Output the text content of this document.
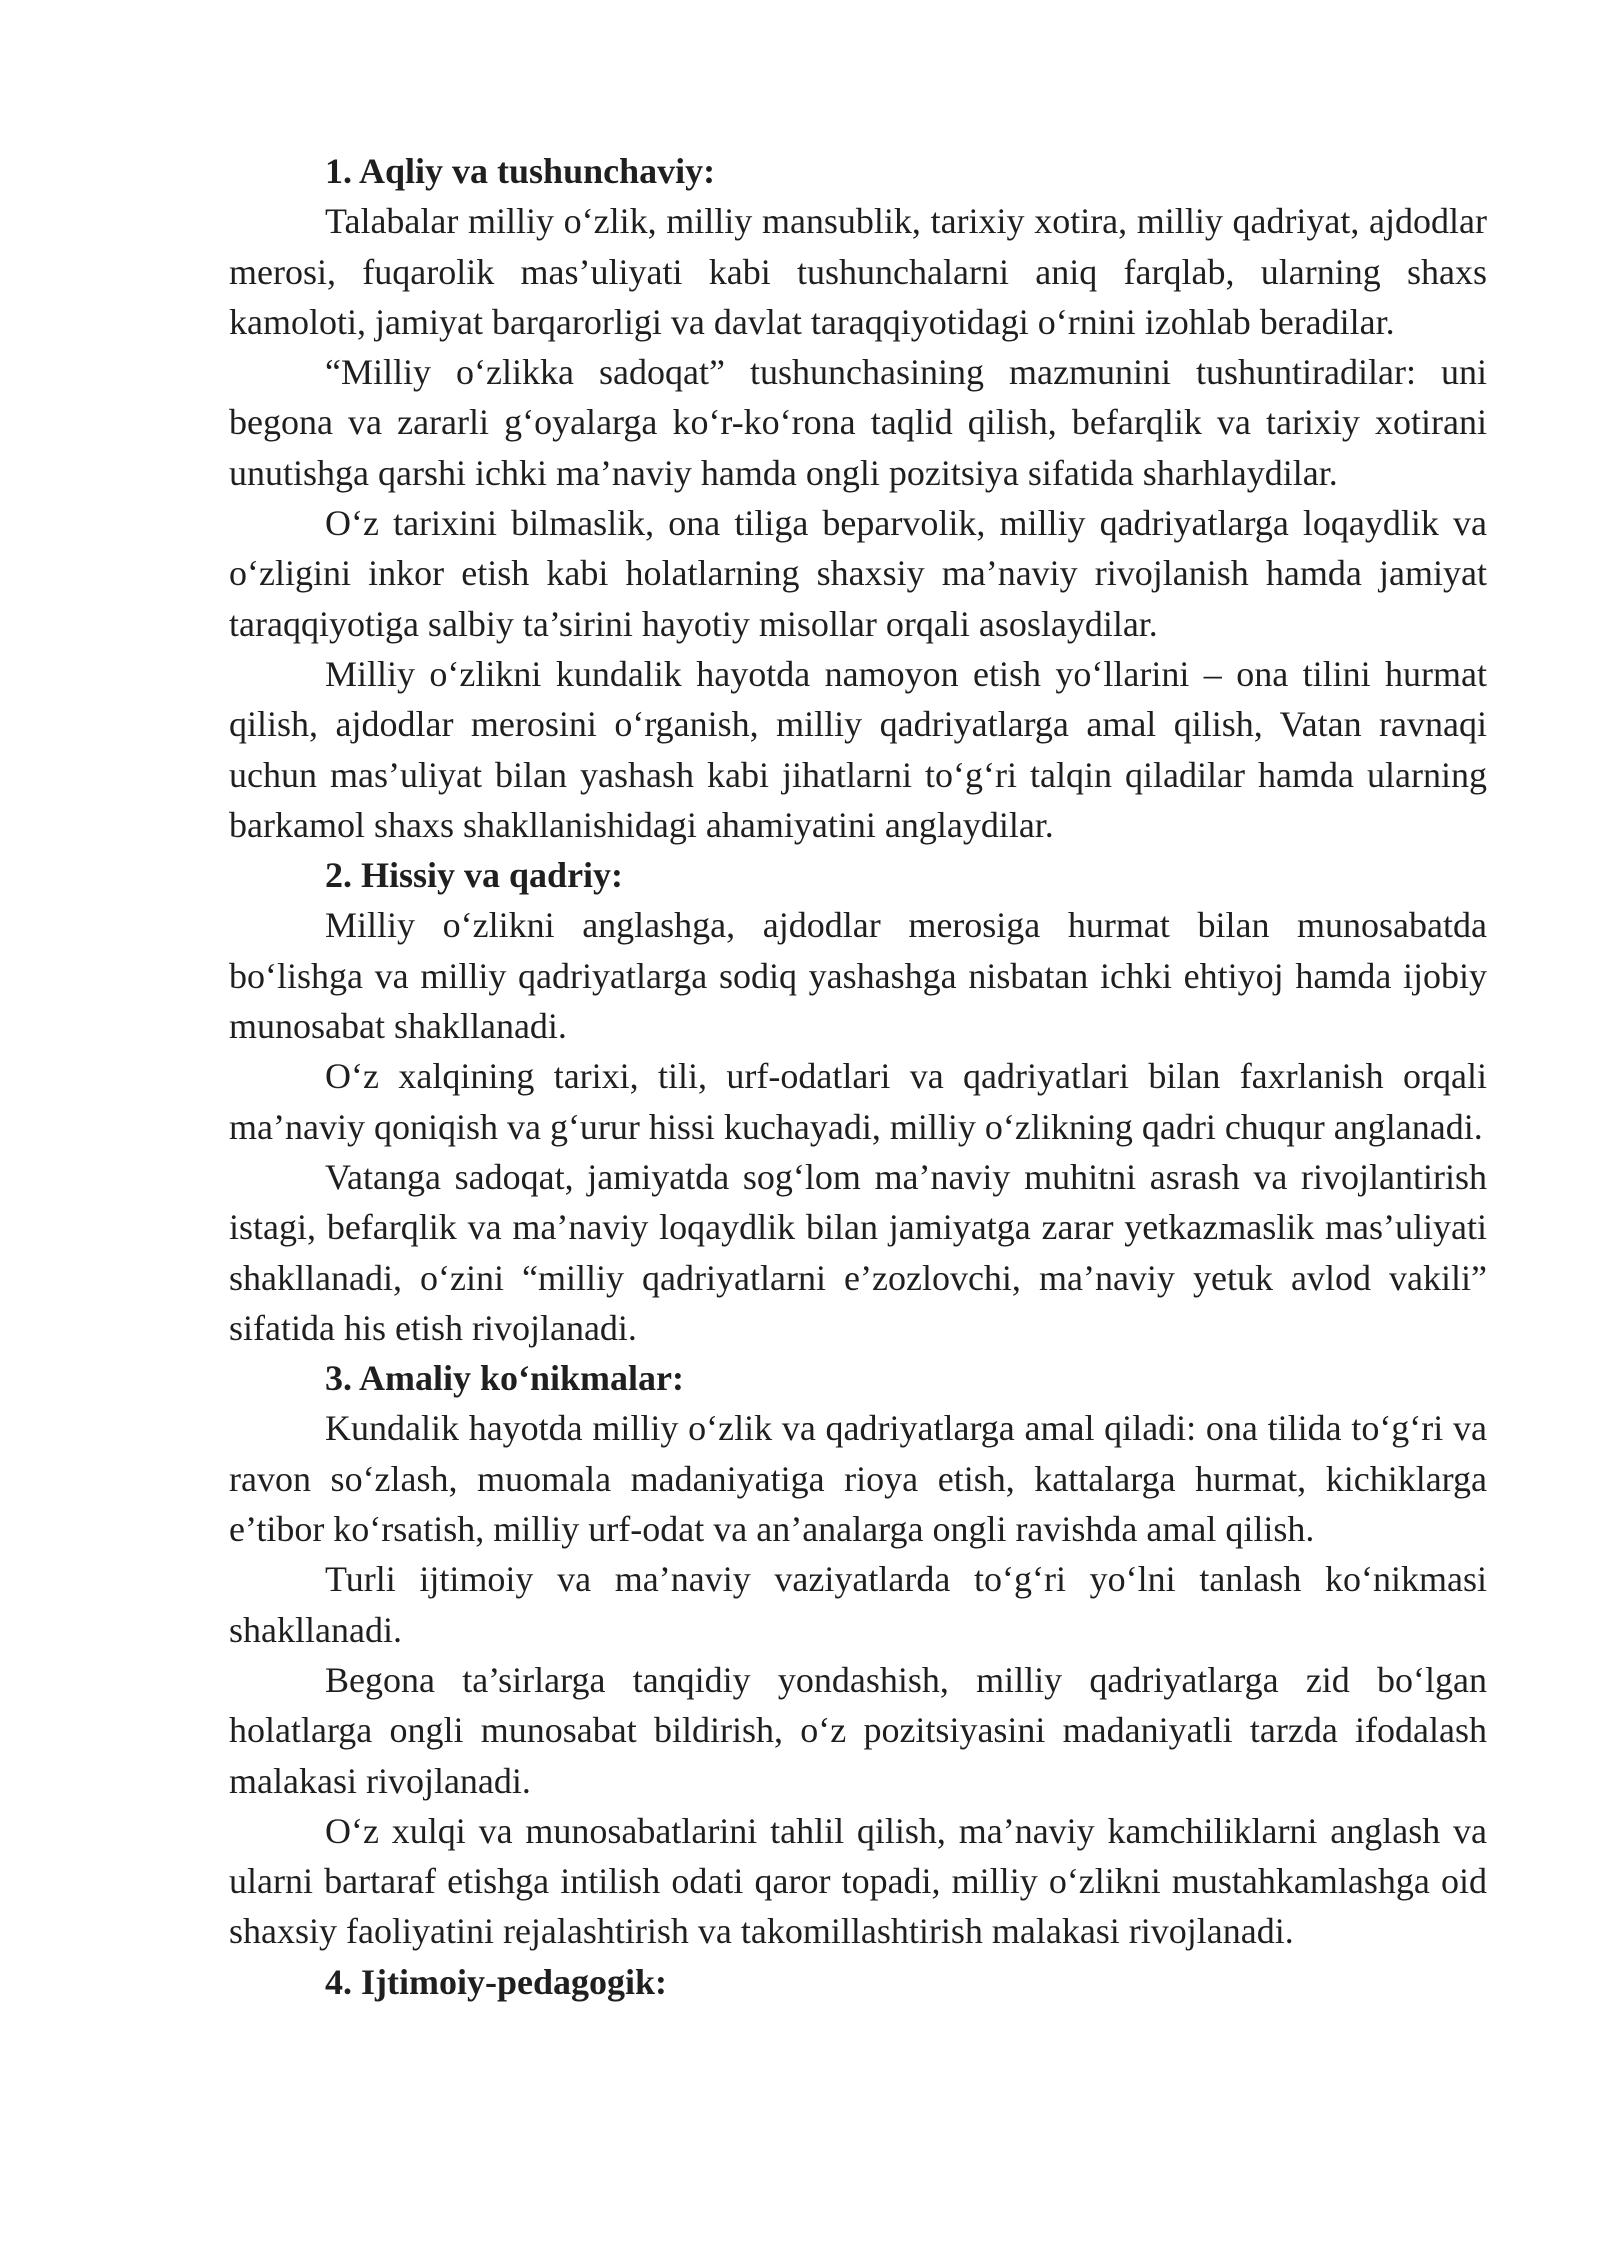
1. Aqliy va tushunchaviy:

Talabalar milliy o‘zlik, milliy mansublik, tarixiy xotira, milliy qadriyat, ajdodlar merosi, fuqarolik mas’uliyati kabi tushunchalarni aniq farqlab, ularning shaxs kamoloti, jamiyat barqarorligi va davlat taraqqiyotidagi o‘rnini izohlab beradilar.

“Milliy o‘zlikka sadoqat” tushunchasining mazmunini tushuntiradilar: uni begona va zararli g‘oyalarga ko‘r-ko‘rona taqlid qilish, befarqlik va tarixiy xotirani unutishga qarshi ichki ma’naviy hamda ongli pozitsiya sifatida sharhlaydilar.

O‘z tarixini bilmaslik, ona tiliga beparvolik, milliy qadriyatlarga loqaydlik va o‘zligini inkor etish kabi holatlarning shaxsiy ma’naviy rivojlanish hamda jamiyat taraqqiyotiga salbiy ta’sirini hayotiy misollar orqali asoslaydilar.

Milliy o‘zlikni kundalik hayotda namoyon etish yo‘llarini – ona tilini hurmat qilish, ajdodlar merosini o‘rganish, milliy qadriyatlarga amal qilish, Vatan ravnaqi uchun mas’uliyat bilan yashash kabi jihatlarni to‘g‘ri talqin qiladilar hamda ularning barkamol shaxs shakllanishidagi ahamiyatini anglaydilar.

2. Hissiy va qadriy:

Milliy o‘zlikni anglashga, ajdodlar merosiga hurmat bilan munosabatda bo‘lishga va milliy qadriyatlarga sodiq yashashga nisbatan ichki ehtiyoj hamda ijobiy munosabat shakllanadi.

O‘z xalqining tarixi, tili, urf-odatlari va qadriyatlari bilan faxrlanish orqali ma’naviy qoniqish va g‘urur hissi kuchayadi, milliy o‘zlikning qadri chuqur anglanadi.

Vatanga sadoqat, jamiyatda sog‘lom ma’naviy muhitni asrash va rivojlantirish istagi, befarqlik va ma’naviy loqaydlik bilan jamiyatga zarar yetkazmaslik mas’uliyati shakllanadi, o‘zini “milliy qadriyatlarni e’zozlovchi, ma’naviy yetuk avlod vakili” sifatida his etish rivojlanadi.

3. Amaliy ko‘nikmalar:

Kundalik hayotda milliy o‘zlik va qadriyatlarga amal qiladi: ona tilida to‘g‘ri va ravon so‘zlash, muomala madaniyatiga rioya etish, kattalarga hurmat, kichiklarga e’tibor ko‘rsatish, milliy urf-odat va an’analarga ongli ravishda amal qilish.

Turli ijtimoiy va ma’naviy vaziyatlarda to‘g‘ri yo‘lni tanlash ko‘nikmasi shakllanadi.

Begona ta’sirlarga tanqidiy yondashish, milliy qadriyatlarga zid bo‘lgan holatlarga ongli munosabat bildirish, o‘z pozitsiyasini madaniyatli tarzda ifodalash malakasi rivojlanadi.

O‘z xulqi va munosabatlarini tahlil qilish, ma’naviy kamchiliklarni anglash va ularni bartaraf etishga intilish odati qaror topadi, milliy o‘zlikni mustahkamlashga oid shaxsiy faoliyatini rejalashtirish va takomillashtirish malakasi rivojlanadi.

4. Ijtimoiy-pedagogik:
